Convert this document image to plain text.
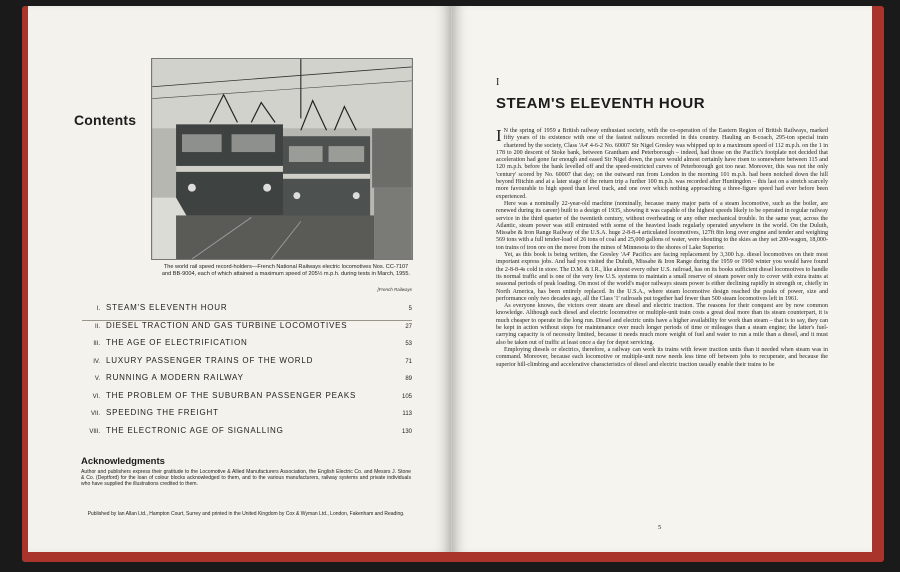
Contents
The world rail speed record-holders—French National Railways electric locomotives Nos. CC-7107 and BB-9004, each of which attained a maximum speed of 205½ m.p.h. during tests in March, 1955.
[French Railways
I. STEAM'S ELEVENTH HOUR	5
II. DIESEL TRACTION AND GAS TURBINE LOCOMOTIVES	27
III. THE AGE OF ELECTRIFICATION	53
IV. LUXURY PASSENGER TRAINS OF THE WORLD	71
V. RUNNING A MODERN RAILWAY	89
VI. THE PROBLEM OF THE SUBURBAN PASSENGER PEAKS	105
VII. SPEEDING THE FREIGHT	113
VIII. THE ELECTRONIC AGE OF SIGNALLING	130
Acknowledgments
Author and publishers express their gratitude to the Locomotive & Allied Manufacturers Association, the English Electric Co. and Messrs J. Stone & Co. (Deptford) for the loan of colour blocks acknowledged to them, and to the various manufacturers, railway systems and private individuals who have supplied the illustrations credited to them.
Published by Ian Allan Ltd., Hampton Court, Surrey and printed in the United Kingdom by Cox & Wyman Ltd., London, Fakenham and Reading.
I
STEAM'S ELEVENTH HOUR

I N the spring of 1959 a British railway enthusiast society, with the co-operation of the Eastern Region of British Railways, marked fifty years of its existence with one of the fastest railtours recorded in this country. Hauling an 8-coach, 295-ton special train chartered by the society, Class 'A4' 4-6-2 No. 60007 Sir Nigel Gresley was whipped up to a maximum speed of 112 m.p.h. on the 1 in 178 to 200 descent of Stoke bank, between Grantham and Peterborough – indeed, had those on the Pacific's footplate not decided that acceleration had gone far enough and eased Sir Nigel down, the pace would almost certainly have risen to somewhere between 115 and 120 m.p.h. before the bank levelled off and the speed-restricted curves of Peterborough got too near. Moreover, this was not the only 'century' scored by No. 60007 that day; on the outward run from London in the morning 101 m.p.h. had been notched down the hill beyond Hitchin and at a later stage of the return trip a further 100 m.p.h. was recorded after Huntingdon – this last on a stretch scarcely more favourable to high speed than level track, and one over which nothing approaching a three-figure speed had ever before been experienced.

Here was a nominally 22-year-old machine (nominally, because many major parts of a steam locomotive, such as the boiler, are renewed during its career) built to a design of 1935, showing it was capable of the highest speeds likely to be operated in regular railway service in the third quarter of the twentieth century, without overheating or any other mechanical trouble. In the same year, across the Atlantic, steam power was still entrusted with some of the heaviest loads regularly operated anywhere in the world. On the Duluth, Missabe & Iron Range Railway of the U.S.A. huge 2-8-8-4 articulated locomotives, 127ft 8in long over engine and tender and weighing 569 tons with a full tender-load of 26 tons of coal and 25,000 gallons of water, were shouting to the skies as they set 200-wagon, 18,000-ton trains of iron ore on the move from the mines of Minnesota to the shores of Lake Superior.

Yet, as this book is being written, the Gresley 'A4' Pacifics are facing replacement by 3,300 h.p. diesel locomotives on their most important express jobs. And had you visited the Duluth, Missabe & Iron Range during the 1959 or 1960 winter you would have found the 2-8-8-4s cold in store. The D.M. & I.R., like almost every other U.S. railroad, has on its books sufficient diesel locomotives to handle its normal traffic and is one of the very few U.S. systems to maintain a small reserve of steam power only to cover with extra trains at seasonal periods of peak loading. On most of the world's major railways steam power is either declining rapidly in strength or, chiefly in North America, has been entirely replaced. In the U.S.A., where steam locomotive design reached the peaks of power, size and performance only two decades ago, all the Class '1' railroads put together had fewer than 500 steam locomotives left in 1961.

As everyone knows, the victors over steam are diesel and electric traction. The reasons for their conquest are by now common knowledge. Although each diesel and electric locomotive or multiple-unit train costs a great deal more than its steam counterpart, it is much cheaper to operate in the long run. Diesel and electric units have a higher availability for work than steam – that is to say, they can be kept in action without stops for maintenance over much longer periods of time or mileages than a steam engine; the latter's fuel-carrying capacity is of necessity limited, because it needs much more weight of fuel and water to run a mile than a diesel, and it must also be taken out of traffic at least once a day for depot servicing.

Employing diesels or electrics, therefore, a railway can work its trains with fewer traction units than it needed when steam was in command. Moreover, because each locomotive or multiple-unit now needs less time off between jobs to recuperate, and because the superior hill-climbing and accelerative characteristics of diesel and electric traction usually enable their trains to be

5
